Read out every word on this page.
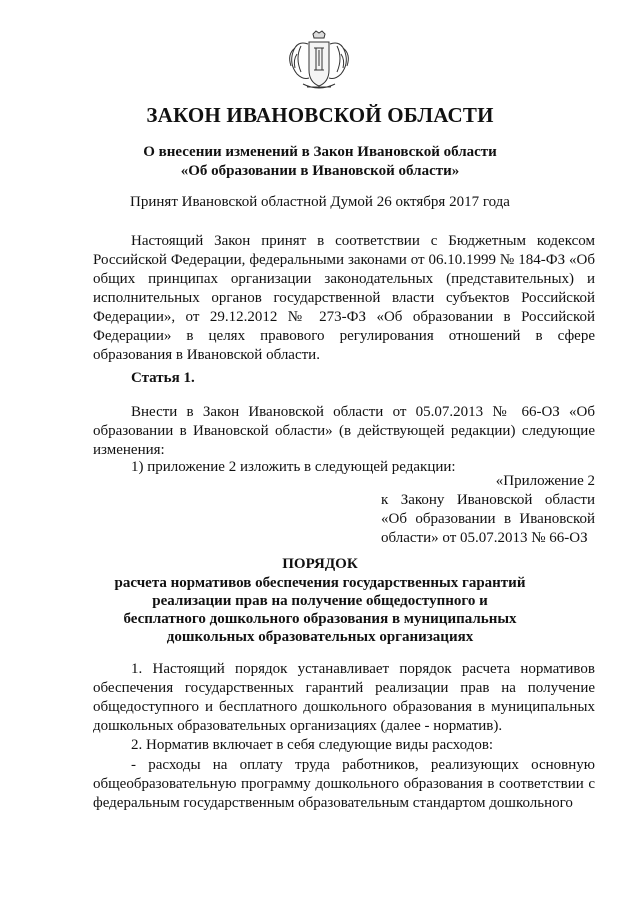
ЗАКОН ИВАНОВСКОЙ ОБЛАСТИ
О внесении изменений в Закон Ивановской области
«Об образовании в Ивановской области»

Принят Ивановской областной Думой 26 октября 2017 года

Настоящий Закон принят в соответствии с Бюджетным кодексом Российской Федерации, федеральными законами от 06.10.1999 № 184-ФЗ «Об общих принципах организации законодательных (представительных) и исполнительных органов государственной власти субъектов Российской Федерации», от 29.12.2012 № 273-ФЗ «Об образовании в Российской Федерации» в целях правового регулирования отношений в сфере образования в Ивановской области.

Статья 1.

Внести в Закон Ивановской области от 05.07.2013 № 66-ОЗ «Об образовании в Ивановской области» (в действующей редакции) следующие изменения:

1) приложение 2 изложить в следующей редакции:

«Приложение 2
к Закону Ивановской области «Об образовании в Ивановской области» от 05.07.2013 № 66-ОЗ

ПОРЯДОК

расчета нормативов обеспечения государственных гарантий реализации прав на получение общедоступного и бесплатного дошкольного образования в муниципальных дошкольных образовательных организациях

1. Настоящий порядок устанавливает порядок расчета нормативов обеспечения государственных гарантий реализации прав на получение общедоступного и бесплатного дошкольного образования в муниципальных дошкольных образовательных организациях (далее - норматив).

2. Норматив включает в себя следующие виды расходов:

- расходы на оплату труда работников, реализующих основную общеобразовательную программу дошкольного образования в соответствии с федеральным государственным образовательным стандартом дошкольного
